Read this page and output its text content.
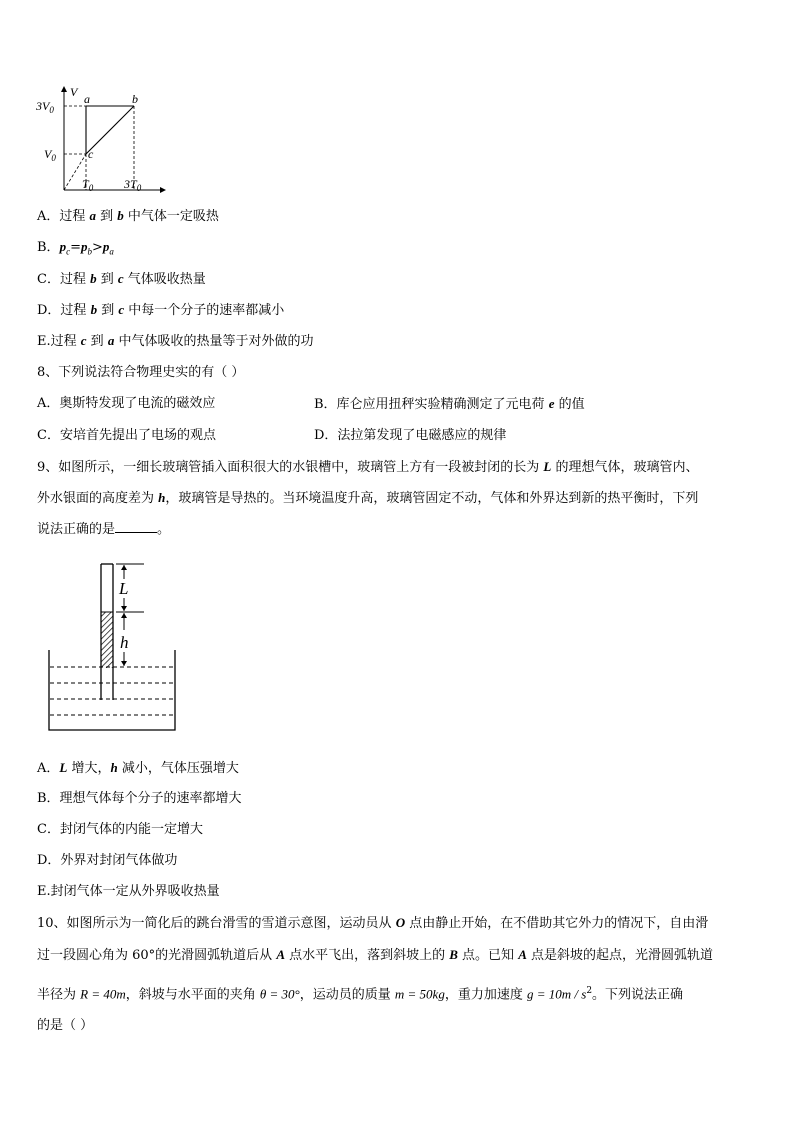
V
$3V_0$
$V_0$
a	b
c
$T_0$	$3T_0$
A．过程 a 到 b 中气体一定吸热
B．$p_c=p_b>p_a$
C．过程 b 到 c 气体吸收热量
D．过程 b 到 c 中每一个分子的速率都减小
E.过程 c 到 a 中气体吸收的热量等于对外做的功
8、下列说法符合物理史实的有（ ）
A．奥斯特发现了电流的磁效应	B．库仑应用扭秤实验精确测定了元电荷 e 的值
C．安培首先提出了电场的观点	D．法拉第发现了电磁感应的规律
9、如图所示，一细长玻璃管插入面积很大的水银槽中，玻璃管上方有一段被封闭的长为 L 的理想气体，玻璃管内、
外水银面的高度差为 h，玻璃管是导热的。当环境温度升高，玻璃管固定不动，气体和外界达到新的热平衡时，下列
说法正确的是	。
L
h
A．L 增大，h 减小，气体压强增大
B．理想气体每个分子的速率都增大
C．封闭气体的内能一定增大
D．外界对封闭气体做功
E.封闭气体一定从外界吸收热量
10、如图所示为一简化后的跳台滑雪的雪道示意图，运动员从 O 点由静止开始，在不借助其它外力的情况下，自由滑
过一段圆心角为 60°的光滑圆弧轨道后从 A 点水平飞出，落到斜坡上的 B 点。已知 A 点是斜坡的起点，光滑圆弧轨道
半径为 R = 40m，斜坡与水平面的夹角 θ = 30°，运动员的质量 m = 50kg，重力加速度 $g = 10m / s^2$。下列说法正确
的是（ ）
